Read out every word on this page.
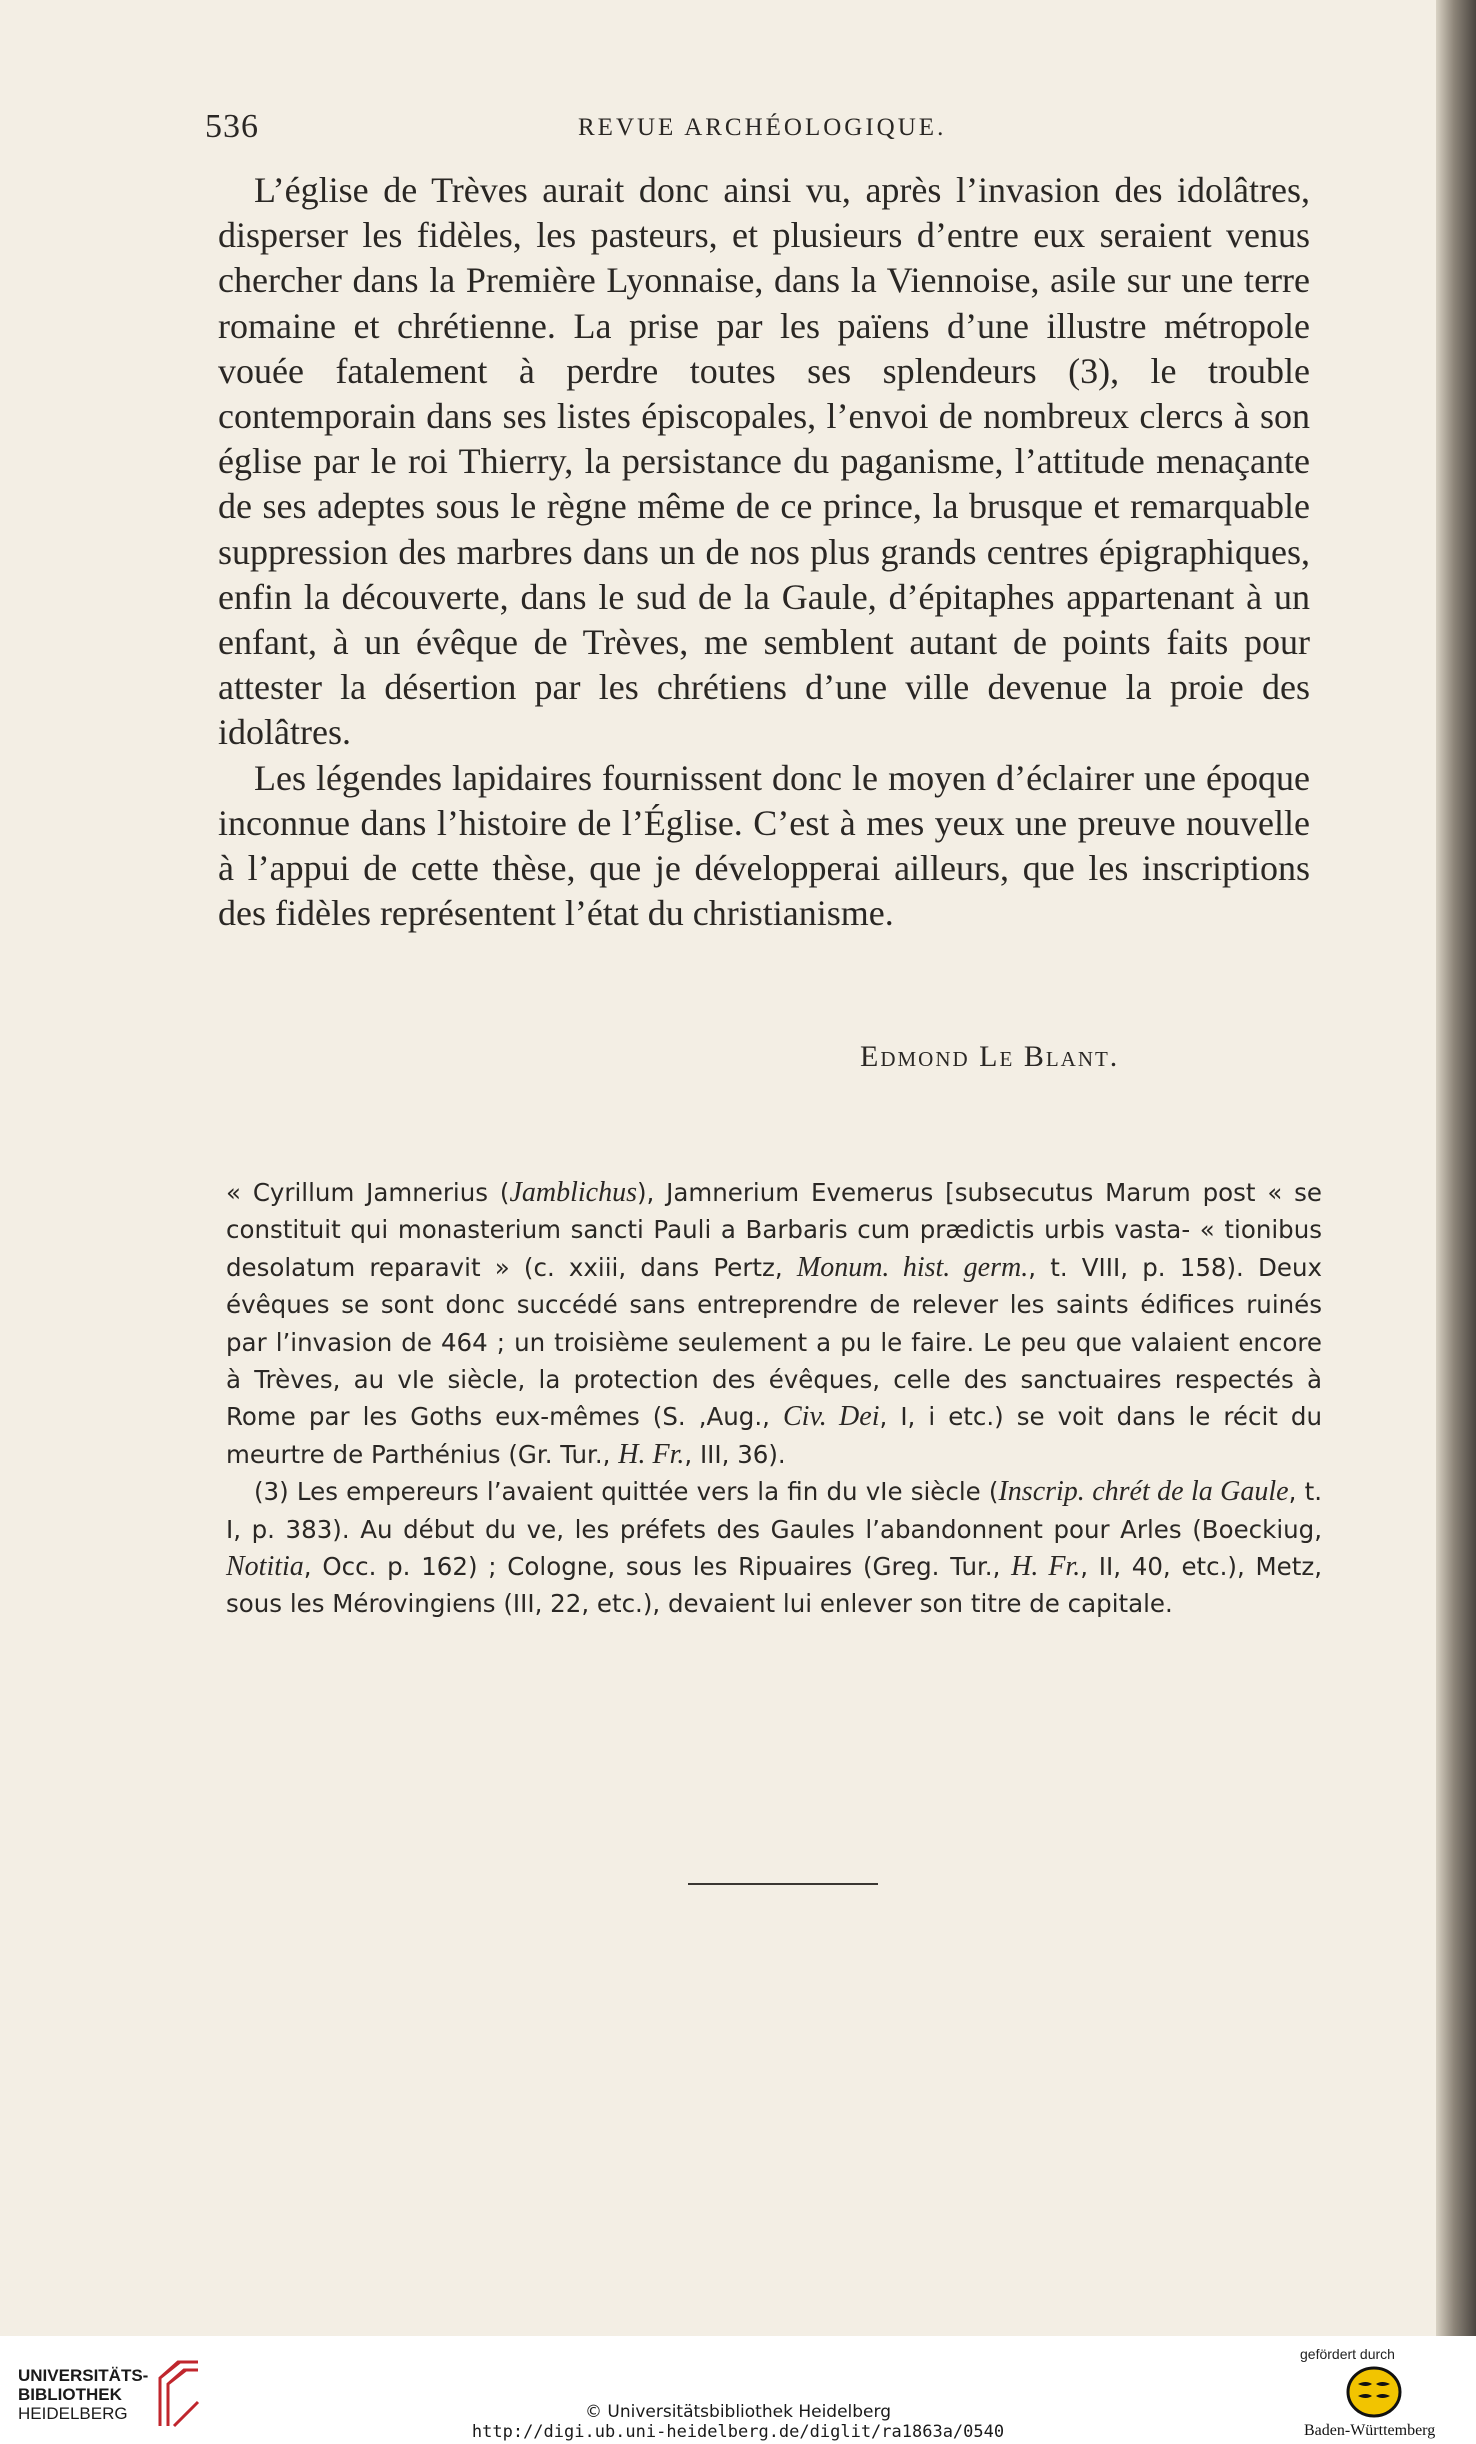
536	REVUE ARCHÉOLOGIQUE.

L’église de Trèves aurait donc ainsi vu, après l’invasion des idolâtres, disperser les fidèles, les pasteurs, et plusieurs d’entre eux seraient venus chercher dans la Première Lyonnaise, dans la Viennoise, asile sur une terre romaine et chrétienne. La prise par les païens d’une illustre métropole vouée fatalement à perdre toutes ses splendeurs (3), le trouble contemporain dans ses listes épiscopales, l’envoi de nombreux clercs à son église par le roi Thierry, la persistance du paganisme, l’attitude menaçante de ses adeptes sous le règne même de ce prince, la brusque et remarquable suppression des marbres dans un de nos plus grands centres épigraphiques, enfin la découverte, dans le sud de la Gaule, d’épitaphes appartenant à un enfant, à un évêque de Trèves, me semblent autant de points faits pour attester la désertion par les chrétiens d’une ville devenue la proie des idolâtres.

Les légendes lapidaires fournissent donc le moyen d’éclairer une époque inconnue dans l’histoire de l’Église. C’est à mes yeux une preuve nouvelle à l’appui de cette thèse, que je développerai ailleurs, que les inscriptions des fidèles représentent l’état du christianisme.

Edmond Le Blant.

« Cyrillum Jamnerius (Jamblichus), Jamnerium Evemerus [subsecutus Marum post « se constituit qui monasterium sancti Pauli a Barbaris cum prædictis urbis vasta- « tionibus desolatum reparavit » (c. xxiii, dans Pertz, Monum. hist. germ., t. VIII, p. 158). Deux évêques se sont donc succédé sans entreprendre de relever les saints édifices ruinés par l’invasion de 464 ; un troisième seulement a pu le faire. Le peu que valaient encore à Trèves, au vIe siècle, la protection des évêques, celle des sanctuaires respectés à Rome par les Goths eux-mêmes (S. ,Aug., Civ. Dei, I, i etc.) se voit dans le récit du meurtre de Parthénius (Gr. Tur., H. Fr., III, 36).

(3) Les empereurs l’avaient quittée vers la fin du vIe siècle (Inscrip. chrét de la Gaule, t. I, p. 383). Au début du ve, les préfets des Gaules l’abandonnent pour Arles (Boeckiug, Notitia, Occ. p. 162) ; Cologne, sous les Ripuaires (Greg. Tur., H. Fr., II, 40, etc.), Metz, sous les Mérovingiens (III, 22, etc.), devaient lui enlever son titre de capitale.

UNIVERSITÄTS-
BIBLIOTHEK
HEIDELBERG	© Universitätsbibliothek Heidelberg
http://digi.ub.uni-heidelberg.de/diglit/ra1863a/0540
gefördert durch
Baden-Württemberg
